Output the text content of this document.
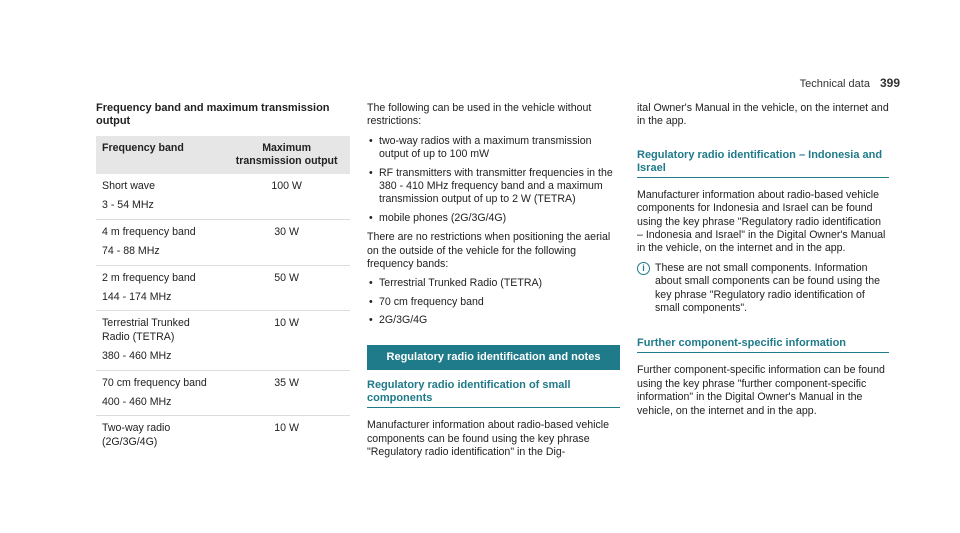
Technical data 399
Frequency band and maximum transmission output
Frequency band	Maximum transmission output

Short wave

3 - 54 MHz	100 W

4 m frequency band

74 - 88 MHz	30 W

2 m frequency band

144 - 174 MHz	50 W

Terrestrial Trunked Radio (TETRA)

380 - 460 MHz	10 W

70 cm frequency band

400 - 460 MHz	35 W

Two-way radio (2G/3G/4G)	10 W

The following can be used in the vehicle without restrictions:

• two-way radios with a maximum transmission output of up to 100 mW
• RF transmitters with transmitter frequencies in the 380 - 410 MHz frequency band and a maximum transmission output of up to 2 W (TETRA)
• mobile phones (2G/3G/4G)

There are no restrictions when positioning the aerial on the outside of the vehicle for the following frequency bands:

• Terrestrial Trunked Radio (TETRA)
• 70 cm frequency band
• 2G/3G/4G
Regulatory radio identification and notes
Regulatory radio identification of small components

Manufacturer information about radio-based vehicle components can be found using the key phrase "Regulatory radio identification" in the Dig-

ital Owner's Manual in the vehicle, on the internet and in the app.

Regulatory radio identification – Indonesia and Israel

Manufacturer information about radio-based vehicle components for Indonesia and Israel can be found using the key phrase "Regulatory radio identification – Indonesia and Israel" in the Digital Owner's Manual in the vehicle, on the internet and in the app.

i These are not small components. Information about small components can be found using the key phrase "Regulatory radio identification of small components".
Further component-specific information

Further component-specific information can be found using the key phrase "further component-specific information" in the Digital Owner's Manual in the vehicle, on the internet and in the app.
